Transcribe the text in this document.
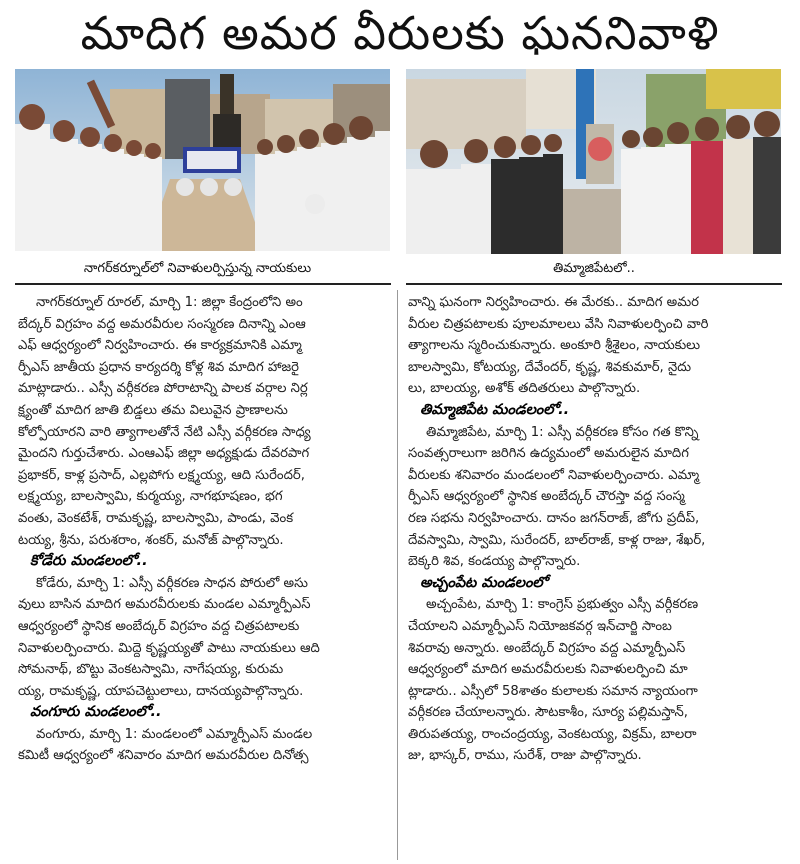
మాదిగ అమర వీరులకు ఘననివాళి
నాగర్‌కర్నూల్‌లో నివాళులర్పిస్తున్న నాయకులు	తిమ్మాజిపేటలో..
నాగర్‌కర్నూల్ రూరల్, మార్చి 1: జిల్లా కేంద్రంలోని అం
బేద్కర్ విగ్రహం వద్ద అమరవీరుల సంస్మరణ దినాన్ని ఎంఆ
ఎఫ్ ఆధ్వర్యంలో నిర్వహించారు. ఈ కార్యక్రమానికి ఎమ్మా
ర్పీఎస్ జాతీయ ప్రధాన కార్యదర్శి కోళ్ల శివ మాదిగ హాజరై
మాట్లాడారు.. ఎస్సీ వర్గీకరణ పోరాటాన్ని పాలక వర్గాల నిర్ల
క్ష్యంతో మాదిగ జాతి బిడ్డలు తమ విలువైన ప్రాణాలను
కోల్పోయారని వారి త్యాగాలతోనే నేటి ఎస్సీ వర్గీకరణ సాధ్య
మైందని గుర్తుచేశారు. ఎంఆఎఫ్ జిల్లా అధ్యక్షుడు దేవరపాగ
ప్రభాకర్, కాళ్ల ప్రసాద్, ఎల్లపోగు లక్ష్మయ్య, ఆది సురేందర్,
లక్ష్మయ్య, బాలస్వామి, కుర్మయ్య, నాగభూషణం, భగ
వంతు, వెంకటేశ్, రామకృష్ణ, బాలస్వామి, పాండు, వెంక
టయ్య, శ్రీను, పరుశరాం, శంకర్, మనోజ్ పాల్గొన్నారు.
కోడేరు మండలంలో..
కోడేరు, మార్చి 1: ఎస్సీ వర్గీకరణ సాధన పోరులో అసు
వులు బాసిన మాదిగ అమరవీరులకు మండల ఎమ్మార్పీఎస్
ఆధ్వర్యంలో స్థానిక అంబేద్కర్ విగ్రహం వద్ద చిత్రపటాలకు
నివాళులర్పించారు. మిద్దె కృష్ణయ్యతో పాటు నాయకులు ఆది
సోమనాథ్, బొట్టు వెంకటస్వామి, నాగేషయ్య, కురుమ
య్య, రామకృష్ణ, యాపచెట్టులాలు, దానయ్యపాల్గొన్నారు.
వంగూరు మండలంలో..
వంగూరు, మార్చి 1: మండలంలో ఎమ్మార్పీఎస్ మండల
కమిటీ ఆధ్వర్యంలో శనివారం మాదిగ అమరవీరుల దినోత్స
వాన్ని ఘనంగా నిర్వహించారు. ఈ మేరకు.. మాదిగ అమర
వీరుల చిత్రపటాలకు పూలమాలలు వేసి నివాళులర్పించి వారి
త్యాగాలను స్మరించుకున్నారు. అంకూరి శ్రీశైలం, నాయకులు
బాలస్వామి, కోటయ్య, దేవేందర్, కృష్ణ, శివకుమార్, నైదు
లు, బాలయ్య, అశోక్ తదితరులు పాల్గొన్నారు.
తిమ్మాజిపేట మండలంలో..
తిమ్మాజిపేట, మార్చి 1: ఎస్సీ వర్గీకరణ కోసం గత కొన్ని
సంవత్సరాలుగా జరిగిన ఉద్యమంలో అమరులైన మాదిగ
వీరులకు శనివారం మండలంలో నివాళులర్పించారు. ఎమ్మా
ర్పీఎస్ ఆధ్వర్యంలో స్థానిక అంబేద్కర్ చౌరస్తా వద్ద సంస్మ
రణ సభను నిర్వహించారు. దానం జగన్‌రాజ్, జోగు ప్రదీప్,
దేవస్వామి, స్వామి, సురేందర్, బాల్‌రాజ్, కాళ్ల రాజు, శేఖర్,
బెక్కరి శివ, కండయ్య పాల్గొన్నారు.
అచ్చంపేట మండలంలో
అచ్చంపేట, మార్చి 1: కాంగ్రెస్ ప్రభుత్వం ఎస్సీ వర్గీకరణ
చేయాలని ఎమ్మార్పీఎస్ నియోజకవర్గ ఇన్‌చార్జి సాంబ
శివరావు అన్నారు. అంబేద్కర్ విగ్రహం వద్ద ఎమ్మార్పీఎస్
ఆధ్వర్యంలో మాదిగ అమరవీరులకు నివాళులర్పించి మా
ట్లాడారు.. ఎస్సీలో 58శాతం కులాలకు సమాన న్యాయంగా
వర్గీకరణ చేయాలన్నారు. సౌటకాశీం, సూర్య పల్లిమస్తాన్,
తిరుపతయ్య, రాంచంద్రయ్య, వెంకటయ్య, విక్రమ్, బాలరా
జు, భాస్కర్, రాము, సురేశ్, రాజు పాల్గొన్నారు.
